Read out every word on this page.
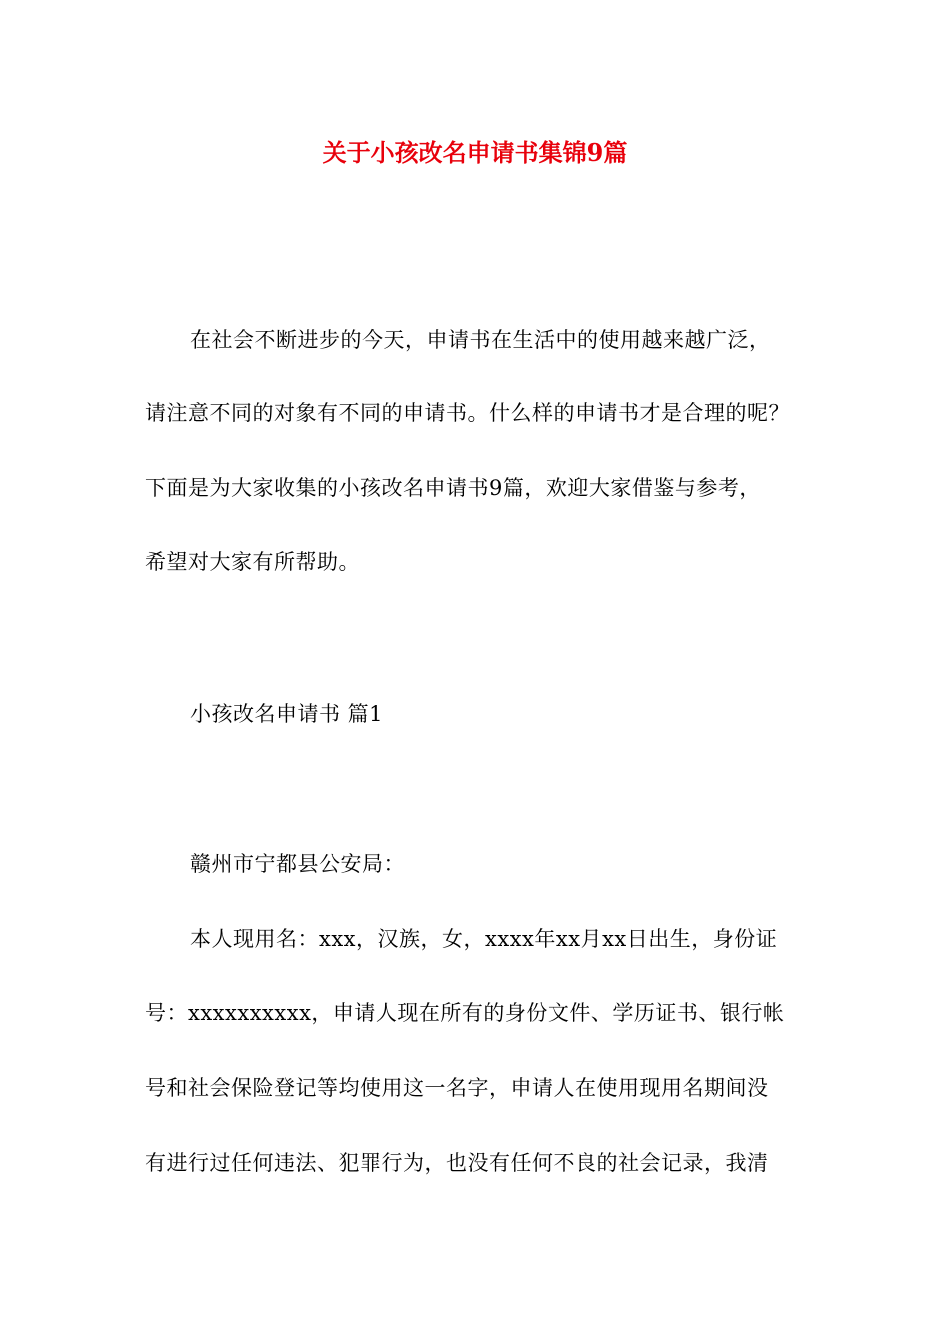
关于小孩改名申请书集锦9篇
在社会不断进步的今天，申请书在生活中的使用越来越广泛，
请注意不同的对象有不同的申请书。什么样的申请书才是合理的呢？
下面是为大家收集的小孩改名申请书9篇，欢迎大家借鉴与参考，
希望对大家有所帮助。
小孩改名申请书 篇1
赣州市宁都县公安局：
本人现用名：xxx，汉族，女，xxxx年xx月xx日出生，身份证
号：xxxxxxxxxx，申请人现在所有的身份文件、学历证书、银行帐
号和社会保险登记等均使用这一名字，申请人在使用现用名期间没
有进行过任何违法、犯罪行为，也没有任何不良的社会记录，我清
